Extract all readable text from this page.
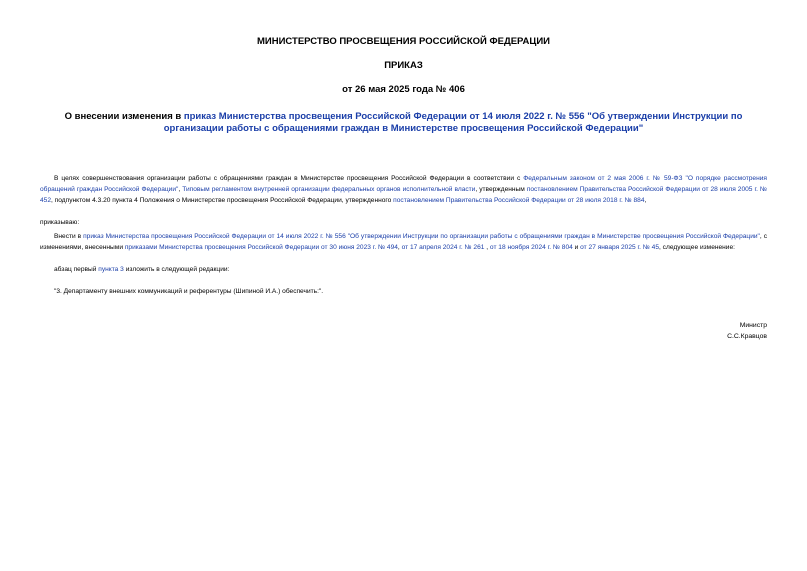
МИНИСТЕРСТВО ПРОСВЕЩЕНИЯ РОССИЙСКОЙ ФЕДЕРАЦИИ
ПРИКАЗ
от 26 мая 2025 года № 406
О внесении изменения в приказ Министерства просвещения Российской Федерации от 14 июля 2022 г. № 556 "Об утверждении Инструкции по организации работы с обращениями граждан в Министерстве просвещения Российской Федерации"
В целях совершенствования организации работы с обращениями граждан в Министерстве просвещения Российской Федерации в соответствии с Федеральным законом от 2 мая 2006 г. № 59-ФЗ "О порядке рассмотрения обращений граждан Российской Федерации", Типовым регламентом внутренней организации федеральных органов исполнительной власти, утвержденным постановлением Правительства Российской Федерации от 28 июля 2005 г. № 452, подпунктом 4.3.20 пункта 4 Положения о Министерстве просвещения Российской Федерации, утвержденного постановлением Правительства Российской Федерации от 28 июля 2018 г. № 884,
приказываю:
Внести в приказ Министерства просвещения Российской Федерации от 14 июля 2022 г. № 556 "Об утверждении Инструкции по организации работы с обращениями граждан в Министерстве просвещения Российской Федерации", с изменениями, внесенными приказами Министерства просвещения Российской Федерации от 30 июня 2023 г. № 494, от 17 апреля 2024 г. № 261 , от 18 ноября 2024 г. № 804 и от 27 января 2025 г. № 45, следующее изменение:
абзац первый пункта 3 изложить в следующей редакции:
"3. Департаменту внешних коммуникаций и референтуры (Шипиной И.А.) обеспечить:".
Министр
С.С.Кравцов
